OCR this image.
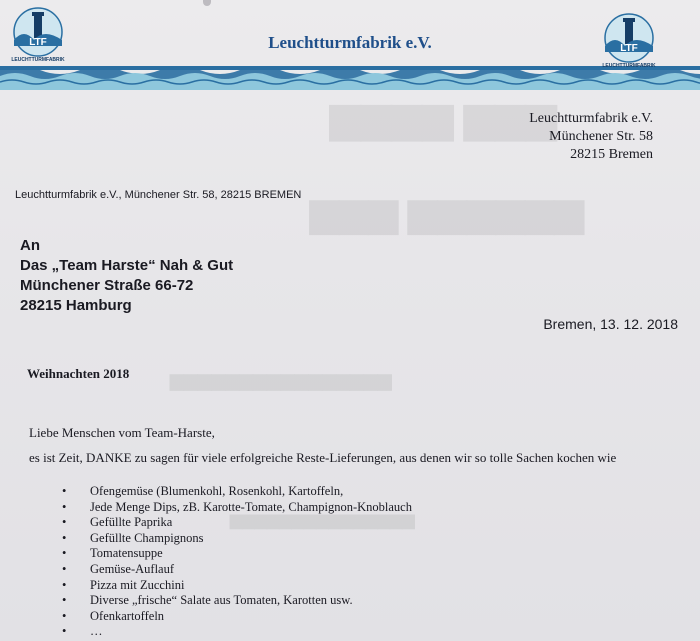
▆▆▆▆ ▆▆▆
▆▆▆ ▆▆▆▆▆▆
▆▆▆▆▆▆▆▆▆▆▆▆▆▆▆▆
▆▆▆▆▆▆▆▆▆▆▆▆▆▆▆
Leuchtturmfabrik e.V.
LTF
LEUCHTTURMFABRIK
LTF
LEUCHTTURMFABRIK
Leuchtturmfabrik e.V.
Münchener Str. 58
28215 Bremen
Leuchtturmfabrik e.V., Münchener Str. 58, 28215 BREMEN
An
Das „Team Harste“ Nah & Gut
Münchener Straße 66-72
28215 Hamburg
Bremen, 13. 12. 2018
Weihnachten 2018
Liebe Menschen vom Team-Harste,
es ist Zeit, DANKE zu sagen für viele erfolgreiche Reste-Lieferungen, aus denen wir so tolle Sachen kochen wie
• Ofengemüse (Blumenkohl, Rosenkohl, Kartoffeln,
• Jede Menge Dips, zB. Karotte-Tomate, Champignon-Knoblauch
• Gefüllte Paprika
• Gefüllte Champignons
• Tomatensuppe
• Gemüse-Auflauf
• Pizza mit Zucchini
• Diverse „frische“ Salate aus Tomaten, Karotten usw.
• Ofenkartoffeln
• …
